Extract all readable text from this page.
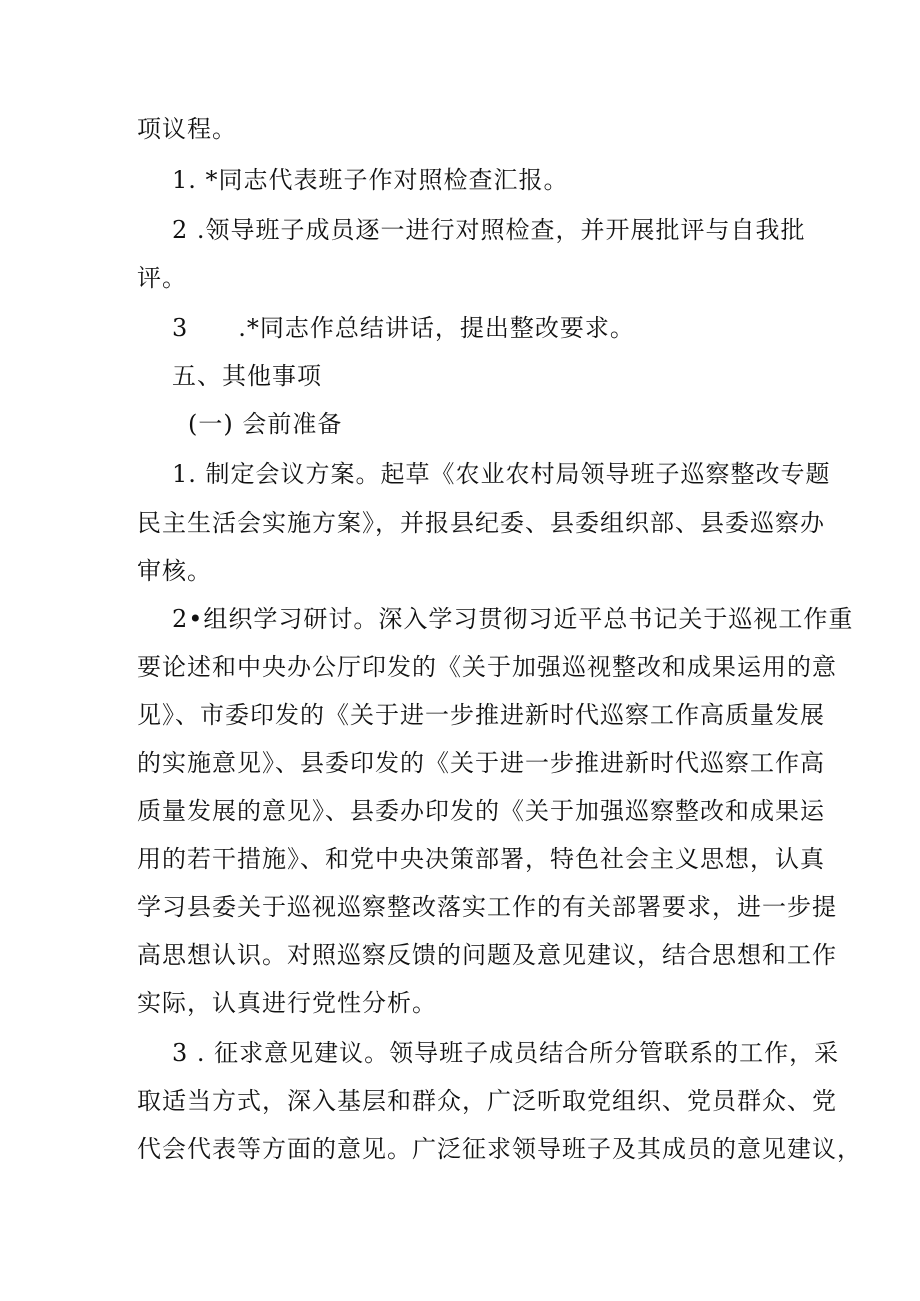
项议程。
1. *同志代表班子作对照检查汇报。
2 .领导班子成员逐一进行对照检查，并开展批评与自我批
评。
3　　.*同志作总结讲话，提出整改要求。
五、其他事项
(一) 会前准备
1. 制定会议方案。起草《农业农村局领导班子巡察整改专题
民主生活会实施方案》，并报县纪委、县委组织部、县委巡察办
审核。
2•组织学习研讨。深入学习贯彻习近平总书记关于巡视工作重
要论述和中央办公厅印发的《关于加强巡视整改和成果运用的意
见》、市委印发的《关于进一步推进新时代巡察工作高质量发展
的实施意见》、县委印发的《关于进一步推进新时代巡察工作高
质量发展的意见》、县委办印发的《关于加强巡察整改和成果运
用的若干措施》、和党中央决策部署，特色社会主义思想，认真
学习县委关于巡视巡察整改落实工作的有关部署要求，进一步提
高思想认识。对照巡察反馈的问题及意见建议，结合思想和工作
实际，认真进行党性分析。
3 . 征求意见建议。领导班子成员结合所分管联系的工作，采
取适当方式，深入基层和群众，广泛听取党组织、党员群众、党
代会代表等方面的意见。广泛征求领导班子及其成员的意见建议，
